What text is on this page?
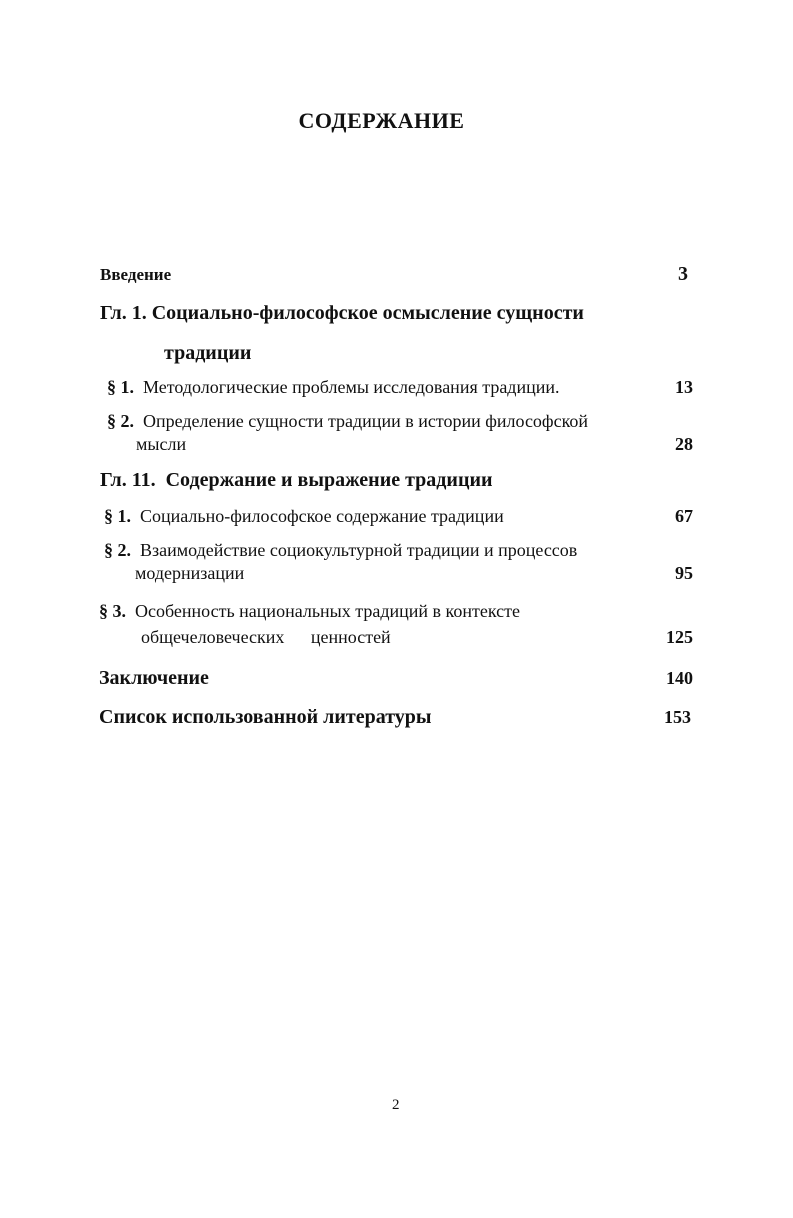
СОДЕРЖАНИЕ
Введение	3
Гл. 1. Социально-философское осмысление сущности
традиции
§ 1. Методологические проблемы исследования традиции.	13
§ 2. Определение сущности традиции в истории философской
мысли	28
Гл. 11. Содержание и выражение традиции
§ 1. Социально-философское содержание традиции	67
§ 2. Взаимодействие социокультурной традиции и процессов
модернизации	95
§ 3. Особенность национальных традиций в контексте
общечеловеческих ценностей	125
Заключение	140
Список использованной литературы	153
2
